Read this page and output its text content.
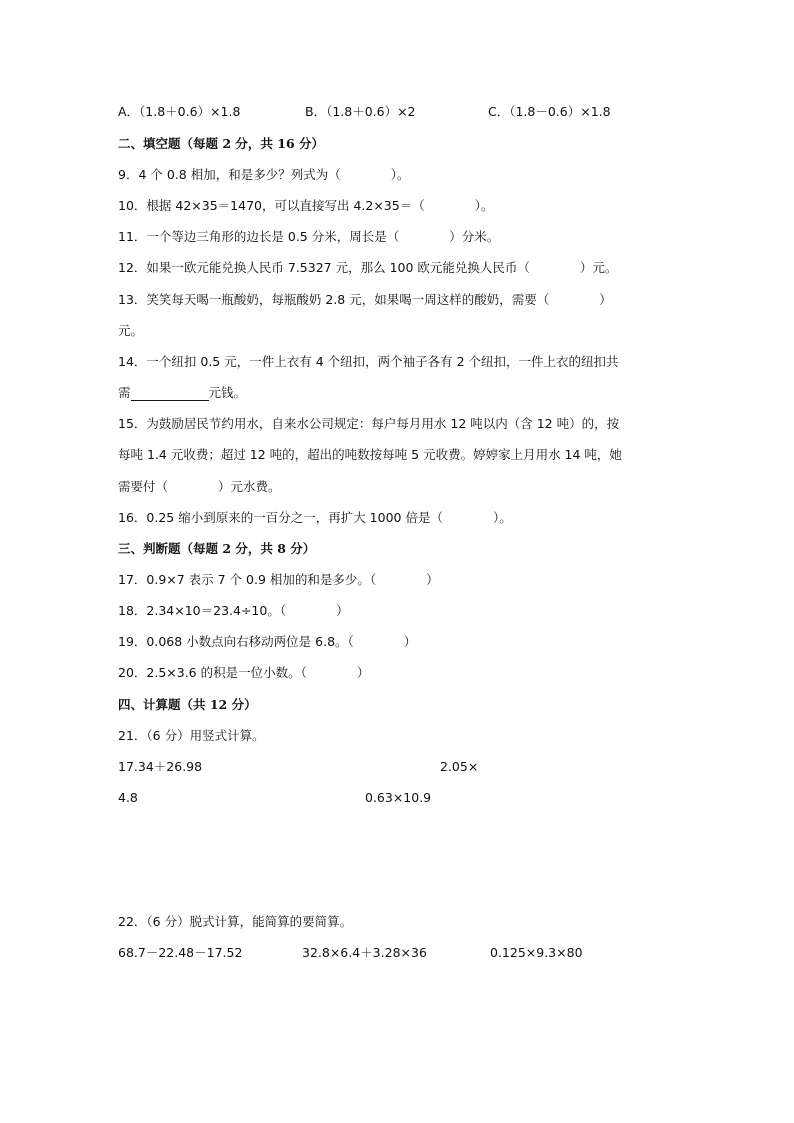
A．（1.8＋0.6）×1.8	B．（1.8＋0.6）×2	C．（1.8－0.6）×1.8
二、填空题（每题 2 分，共 16 分）
9．4 个 0.8 相加，和是多少？列式为（　　　　）。
10．根据 42×35＝1470，可以直接写出 4.2×35＝（　　　　）。
11．一个等边三角形的边长是 0.5 分米，周长是（　　　　）分米。
12．如果一欧元能兑换人民币 7.5327 元，那么 100 欧元能兑换人民币（　　　　）元。
13．笑笑每天喝一瓶酸奶，每瓶酸奶 2.8 元，如果喝一周这样的酸奶，需要（　　　　）
元。
14．一个纽扣 0.5 元，一件上衣有 4 个纽扣，两个袖子各有 2 个纽扣，一件上衣的纽扣共
需	元钱。
15．为鼓励居民节约用水，自来水公司规定：每户每月用水 12 吨以内（含 12 吨）的，按
每吨 1.4 元收费；超过 12 吨的，超出的吨数按每吨 5 元收费。婷婷家上月用水 14 吨，她
需要付（　　　　）元水费。
16．0.25 缩小到原来的一百分之一，再扩大 1000 倍是（　　　　）。
三、判断题（每题 2 分，共 8 分）
17．0.9×7 表示 7 个 0.9 相加的和是多少。（　　　　）
18．2.34×10＝23.4÷10。（　　　　）
19．0.068 小数点向右移动两位是 6.8。（　　　　）
20．2.5×3.6 的积是一位小数。（　　　　）
四、计算题（共 12 分）
21．（6 分）用竖式计算。
17.34＋26.98	2.05×
4.8	0.63×10.9
22．（6 分）脱式计算，能简算的要简算。
68.7－22.48－17.52	32.8×6.4＋3.28×36	0.125×9.3×80
